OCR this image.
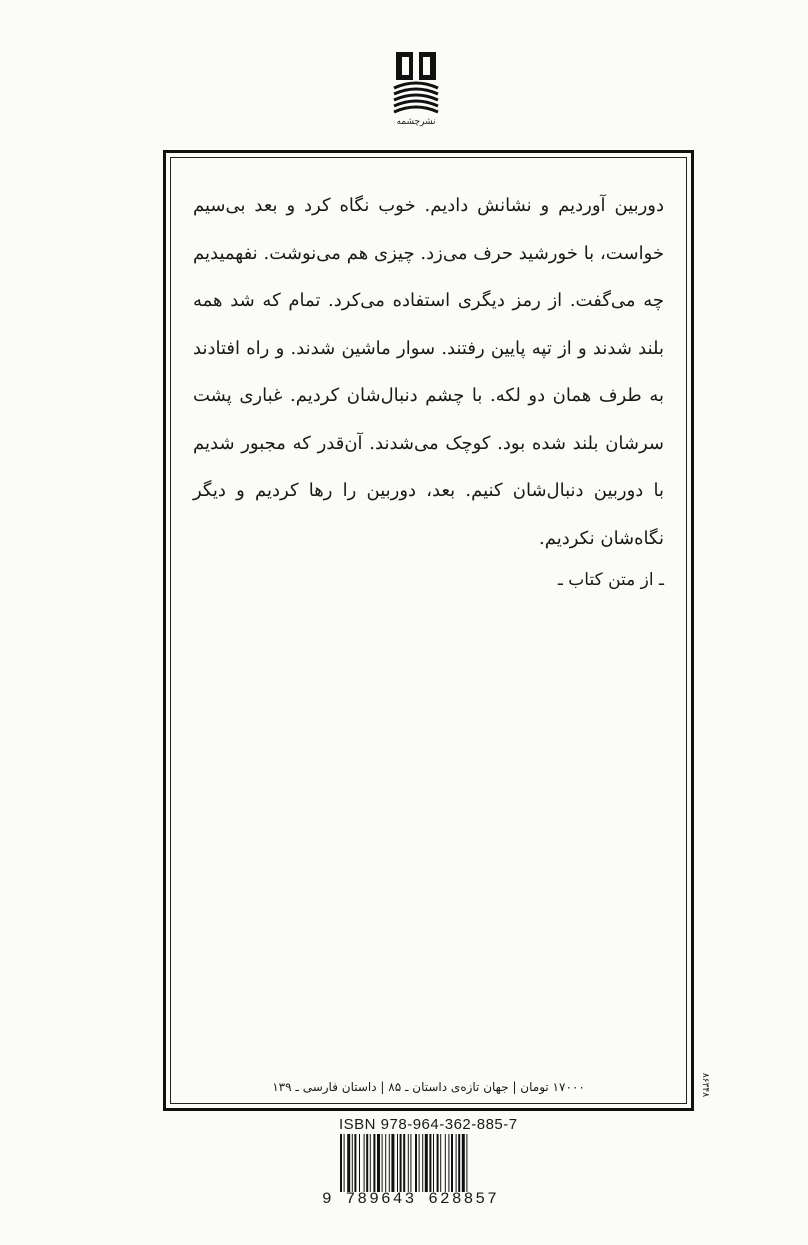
نشرچشمه

دوربین آوردیم و نشانش دادیم. خوب نگاه کرد و بعد بی‌سیم خواست، با خورشید حرف می‌زد. چیزی هم می‌نوشت. نفهمیدیم چه می‌گفت. از رمز دیگری استفاده می‌کرد. تمام که شد همه بلند شدند و از تپه پایین رفتند. سوار ماشین شدند. و راه افتادند به طرف همان دو لکه. با چشم دنبال‌شان کردیم. غباری پشت سرشان بلند شده بود. کوچک می‌شدند. آن‌قدر که مجبور شدیم با دوربین دنبال‌شان کنیم. بعد، دوربین را رها کردیم و دیگر نگاه‌شان نکردیم.

ـ از متن کتاب ـ
۱۷۰۰۰ تومان | جهان تازه‌ی داستان ـ ۸۵ | داستان فارسی ـ ۱۳۹	۸۶۳۴۸
ISBN 978-964-362-885-7
9 789643 628857
